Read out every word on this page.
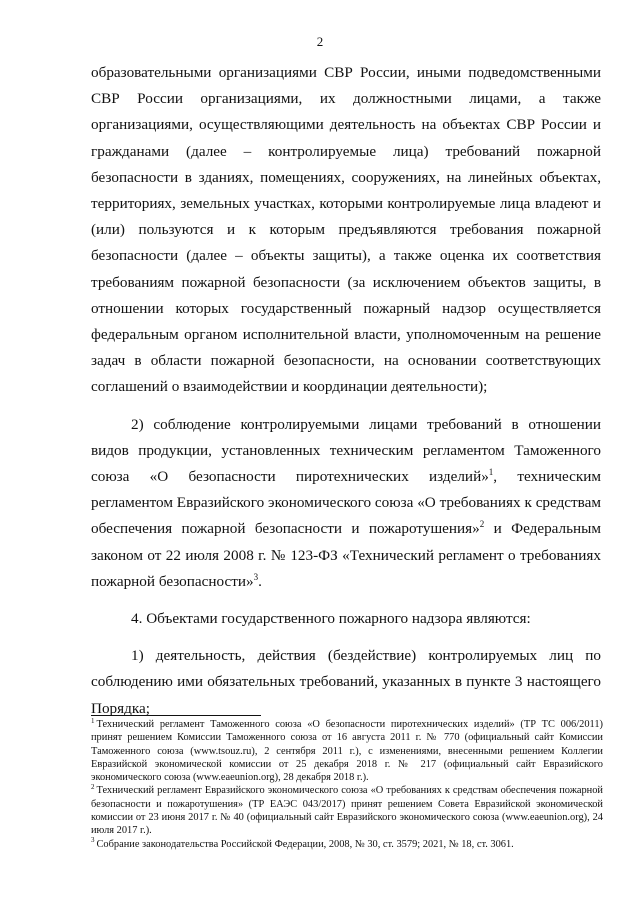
2

образовательными организациями СВР России, иными подведомственными СВР России организациями, их должностными лицами, а также организациями, осуществляющими деятельность на объектах СВР России и гражданами (далее – контролируемые лица) требований пожарной безопасности в зданиях, помещениях, сооружениях, на линейных объектах, территориях, земельных участках, которыми контролируемые лица владеют и (или) пользуются и к которым предъявляются требования пожарной безопасности (далее – объекты защиты), а также оценка их соответствия требованиям пожарной безопасности (за исключением объектов защиты, в отношении которых государственный пожарный надзор осуществляется федеральным органом исполнительной власти, уполномоченным на решение задач в области пожарной безопасности, на основании соответствующих соглашений о взаимодействии и координации деятельности);

2) соблюдение контролируемыми лицами требований в отношении видов продукции, установленных техническим регламентом Таможенного союза «О безопасности пиротехнических изделий»$^1$, техническим регламентом Евразийского экономического союза «О требованиях к средствам обеспечения пожарной безопасности и пожаротушения»$^2$ и Федеральным законом от 22 июля 2008 г. № 123-ФЗ «Технический регламент о требованиях пожарной безопасности»$^3$.

4. Объектами государственного пожарного надзора являются:

1) деятельность, действия (бездействие) контролируемых лиц по соблюдению ими обязательных требований, указанных в пункте 3 настоящего Порядка;

$^1$ Технический регламент Таможенного союза «О безопасности пиротехнических изделий» (ТР ТС 006/2011) принят решением Комиссии Таможенного союза от 16 августа 2011 г. № 770 (официальный сайт Комиссии Таможенного союза (www.tsouz.ru), 2 сентября 2011 г.), с изменениями, внесенными решением Коллегии Евразийской экономической комиссии от 25 декабря 2018 г. № 217 (официальный сайт Евразийского экономического союза (www.eaeunion.org), 28 декабря 2018 г.).

$^2$ Технический регламент Евразийского экономического союза «О требованиях к средствам обеспечения пожарной безопасности и пожаротушения» (ТР ЕАЭС 043/2017) принят решением Совета Евразийской экономической комиссии от 23 июня 2017 г. № 40 (официальный сайт Евразийского экономического союза (www.eaeunion.org), 24 июля 2017 г.).

$^3$ Собрание законодательства Российской Федерации, 2008, № 30, ст. 3579; 2021, № 18, ст. 3061.
